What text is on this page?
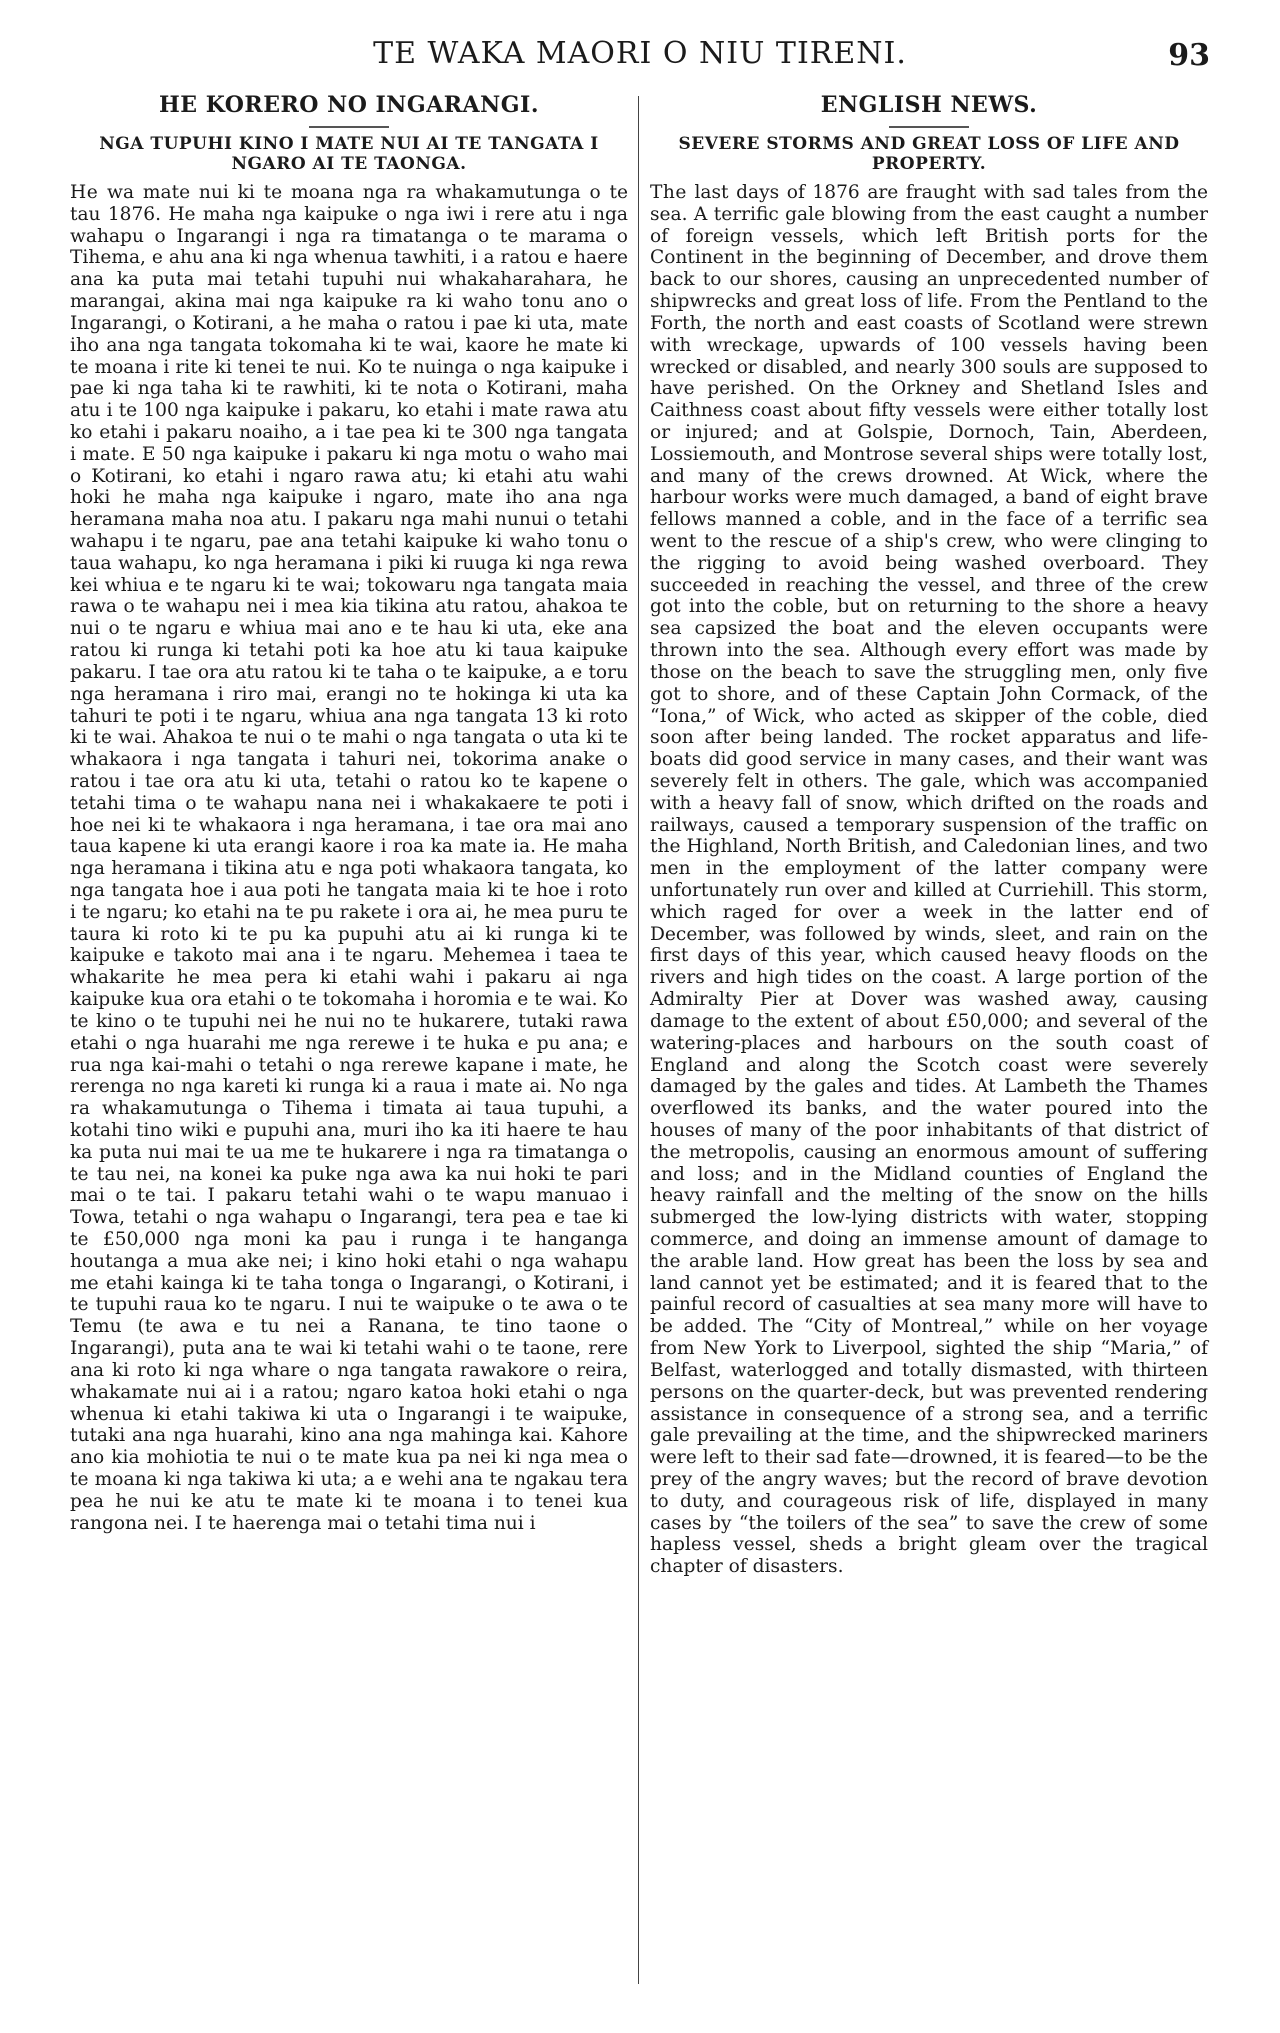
TE WAKA MAORI O NIU TIRENI.	93
HE KORERO NO INGARANGI.
NGA TUPUHI KINO I MATE NUI AI TE TANGATA I NGARO AI TE TAONGA.

He wa mate nui ki te moana nga ra whakamutunga o te tau 1876. He maha nga kaipuke o nga iwi i rere atu i nga wahapu o Ingarangi i nga ra timatanga o te marama o Tihema, e ahu ana ki nga whenua tawhiti, i a ratou e haere ana ka puta mai tetahi tupuhi nui whakaharahara, he marangai, akina mai nga kaipuke ra ki waho tonu ano o Ingarangi, o Kotirani, a he maha o ratou i pae ki uta, mate iho ana nga tangata tokomaha ki te wai, kaore he mate ki te moana i rite ki tenei te nui. Ko te nuinga o nga kaipuke i pae ki nga taha ki te rawhiti, ki te nota o Kotirani, maha atu i te 100 nga kaipuke i pakaru, ko etahi i mate rawa atu ko etahi i pakaru noaiho, a i tae pea ki te 300 nga tangata i mate. E 50 nga kaipuke i pakaru ki nga motu o waho mai o Kotirani, ko etahi i ngaro rawa atu; ki etahi atu wahi hoki he maha nga kaipuke i ngaro, mate iho ana nga heramana maha noa atu. I pakaru nga mahi nunui o tetahi wahapu i te ngaru, pae ana tetahi kaipuke ki waho tonu o taua wahapu, ko nga heramana i piki ki ruuga ki nga rewa kei whiua e te ngaru ki te wai; tokowaru nga tangata maia rawa o te wahapu nei i mea kia tikina atu ratou, ahakoa te nui o te ngaru e whiua mai ano e te hau ki uta, eke ana ratou ki runga ki tetahi poti ka hoe atu ki taua kaipuke pakaru. I tae ora atu ratou ki te taha o te kaipuke, a e toru nga heramana i riro mai, erangi no te hokinga ki uta ka tahuri te poti i te ngaru, whiua ana nga tangata 13 ki roto ki te wai. Ahakoa te nui o te mahi o nga tangata o uta ki te whakaora i nga tangata i tahuri nei, tokorima anake o ratou i tae ora atu ki uta, tetahi o ratou ko te kapene o tetahi tima o te wahapu nana nei i whakakaere te poti i hoe nei ki te whakaora i nga heramana, i tae ora mai ano taua kapene ki uta erangi kaore i roa ka mate ia. He maha nga heramana i tikina atu e nga poti whakaora tangata, ko nga tangata hoe i aua poti he tangata maia ki te hoe i roto i te ngaru; ko etahi na te pu rakete i ora ai, he mea puru te taura ki roto ki te pu ka pupuhi atu ai ki runga ki te kaipuke e takoto mai ana i te ngaru. Mehemea i taea te whakarite he mea pera ki etahi wahi i pakaru ai nga kaipuke kua ora etahi o te tokomaha i horomia e te wai. Ko te kino o te tupuhi nei he nui no te hukarere, tutaki rawa etahi o nga huarahi me nga rerewe i te huka e pu ana; e rua nga kai-mahi o tetahi o nga rerewe kapane i mate, he rerenga no nga kareti ki runga ki a raua i mate ai. No nga ra whakamutunga o Tihema i timata ai taua tupuhi, a kotahi tino wiki e pupuhi ana, muri iho ka iti haere te hau ka puta nui mai te ua me te hukarere i nga ra timatanga o te tau nei, na konei ka puke nga awa ka nui hoki te pari mai o te tai. I pakaru tetahi wahi o te wapu manuao i Towa, tetahi o nga wahapu o Ingarangi, tera pea e tae ki te £50,000 nga moni ka pau i runga i te hanganga houtanga a mua ake nei; i kino hoki etahi o nga wahapu me etahi kainga ki te taha tonga o Ingarangi, o Kotirani, i te tupuhi raua ko te ngaru. I nui te waipuke o te awa o te Temu (te awa e tu nei a Ranana, te tino taone o Ingarangi), puta ana te wai ki tetahi wahi o te taone, rere ana ki roto ki nga whare o nga tangata rawakore o reira, whakamate nui ai i a ratou; ngaro katoa hoki etahi o nga whenua ki etahi takiwa ki uta o Ingarangi i te waipuke, tutaki ana nga huarahi, kino ana nga mahinga kai. Kahore ano kia mohiotia te nui o te mate kua pa nei ki nga mea o te moana ki nga takiwa ki uta; a e wehi ana te ngakau tera pea he nui ke atu te mate ki te moana i to tenei kua rangona nei. I te haerenga mai o tetahi tima nui i

ENGLISH NEWS.
SEVERE STORMS AND GREAT LOSS OF LIFE AND PROPERTY.

The last days of 1876 are fraught with sad tales from the sea. A terrific gale blowing from the east caught a number of foreign vessels, which left British ports for the Continent in the beginning of December, and drove them back to our shores, causing an unprecedented number of shipwrecks and great loss of life. From the Pentland to the Forth, the north and east coasts of Scotland were strewn with wreckage, upwards of 100 vessels having been wrecked or disabled, and nearly 300 souls are supposed to have perished. On the Orkney and Shetland Isles and Caithness coast about fifty vessels were either totally lost or injured; and at Golspie, Dornoch, Tain, Aberdeen, Lossiemouth, and Montrose several ships were totally lost, and many of the crews drowned. At Wick, where the harbour works were much damaged, a band of eight brave fellows manned a coble, and in the face of a terrific sea went to the rescue of a ship's crew, who were clinging to the rigging to avoid being washed overboard. They succeeded in reaching the vessel, and three of the crew got into the coble, but on returning to the shore a heavy sea capsized the boat and the eleven occupants were thrown into the sea. Although every effort was made by those on the beach to save the struggling men, only five got to shore, and of these Captain John Cormack, of the “Iona,” of Wick, who acted as skipper of the coble, died soon after being landed. The rocket apparatus and life-boats did good service in many cases, and their want was severely felt in others. The gale, which was accompanied with a heavy fall of snow, which drifted on the roads and railways, caused a temporary suspension of the traffic on the Highland, North British, and Caledonian lines, and two men in the employment of the latter company were unfortunately run over and killed at Curriehill. This storm, which raged for over a week in the latter end of December, was followed by winds, sleet, and rain on the first days of this year, which caused heavy floods on the rivers and high tides on the coast. A large portion of the Admiralty Pier at Dover was washed away, causing damage to the extent of about £50,000; and several of the watering-places and harbours on the south coast of England and along the Scotch coast were severely damaged by the gales and tides. At Lambeth the Thames overflowed its banks, and the water poured into the houses of many of the poor inhabitants of that district of the metropolis, causing an enormous amount of suffering and loss; and in the Midland counties of England the heavy rainfall and the melting of the snow on the hills submerged the low-lying districts with water, stopping commerce, and doing an immense amount of damage to the arable land. How great has been the loss by sea and land cannot yet be estimated; and it is feared that to the painful record of casualties at sea many more will have to be added. The “City of Montreal,” while on her voyage from New York to Liverpool, sighted the ship “Maria,” of Belfast, waterlogged and totally dismasted, with thirteen persons on the quarter-deck, but was prevented rendering assistance in consequence of a strong sea, and a terrific gale prevailing at the time, and the shipwrecked mariners were left to their sad fate—drowned, it is feared—to be the prey of the angry waves; but the record of brave devotion to duty, and courageous risk of life, displayed in many cases by “the toilers of the sea” to save the crew of some hapless vessel, sheds a bright gleam over the tragical chapter of disasters.
